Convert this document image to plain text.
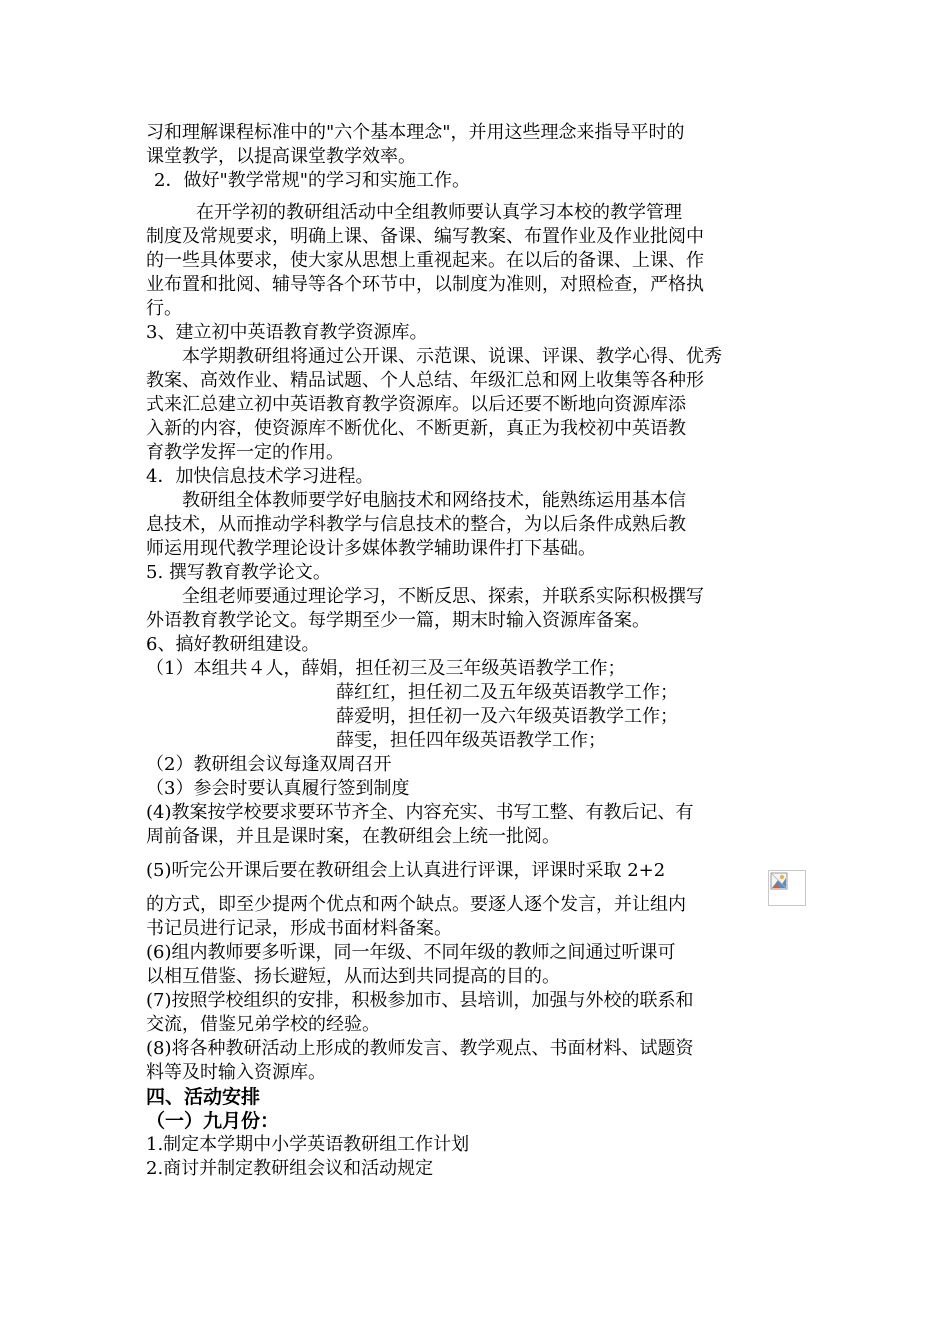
习和理解课程标准中的"六个基本理念"，并用这些理念来指导平时的
课堂教学，以提高课堂教学效率。
2．做好"教学常规"的学习和实施工作。
在开学初的教研组活动中全组教师要认真学习本校的教学管理
制度及常规要求，明确上课、备课、编写教案、布置作业及作业批阅中
的一些具体要求，使大家从思想上重视起来。在以后的备课、上课、作
业布置和批阅、辅导等各个环节中，以制度为准则，对照检查，严格执
行。
3、建立初中英语教育教学资源库。
本学期教研组将通过公开课、示范课、说课、评课、教学心得、优秀
教案、高效作业、精品试题、个人总结、年级汇总和网上收集等各种形
式来汇总建立初中英语教育教学资源库。以后还要不断地向资源库添
入新的内容，使资源库不断优化、不断更新，真正为我校初中英语教
育教学发挥一定的作用。
4．加快信息技术学习进程。
教研组全体教师要学好电脑技术和网络技术，能熟练运用基本信
息技术，从而推动学科教学与信息技术的整合，为以后条件成熟后教
师运用现代教学理论设计多媒体教学辅助课件打下基础。
5. 撰写教育教学论文。
全组老师要通过理论学习，不断反思、探索，并联系实际积极撰写
外语教育教学论文。每学期至少一篇，期末时输入资源库备案。
6、搞好教研组建设。
（1）本组共４人，薛娟，担任初三及三年级英语教学工作；
薛红红，担任初二及五年级英语教学工作；
薛爱明，担任初一及六年级英语教学工作；
薛雯，担任四年级英语教学工作；
（2）教研组会议每逢双周召开
（3）参会时要认真履行签到制度
(4)教案按学校要求要环节齐全、内容充实、书写工整、有教后记、有
周前备课，并且是课时案，在教研组会上统一批阅。
(5)听完公开课后要在教研组会上认真进行评课，评课时采取 2+2
的方式，即至少提两个优点和两个缺点。要逐人逐个发言，并让组内
书记员进行记录，形成书面材料备案。
(6)组内教师要多听课，同一年级、不同年级的教师之间通过听课可
以相互借鉴、扬长避短，从而达到共同提高的目的。
(7)按照学校组织的安排，积极参加市、县培训，加强与外校的联系和
交流，借鉴兄弟学校的经验。
(8)将各种教研活动上形成的教师发言、教学观点、书面材料、试题资
料等及时输入资源库。
四、活动安排
（一）九月份：
1.制定本学期中小学英语教研组工作计划
2.商讨并制定教研组会议和活动规定
